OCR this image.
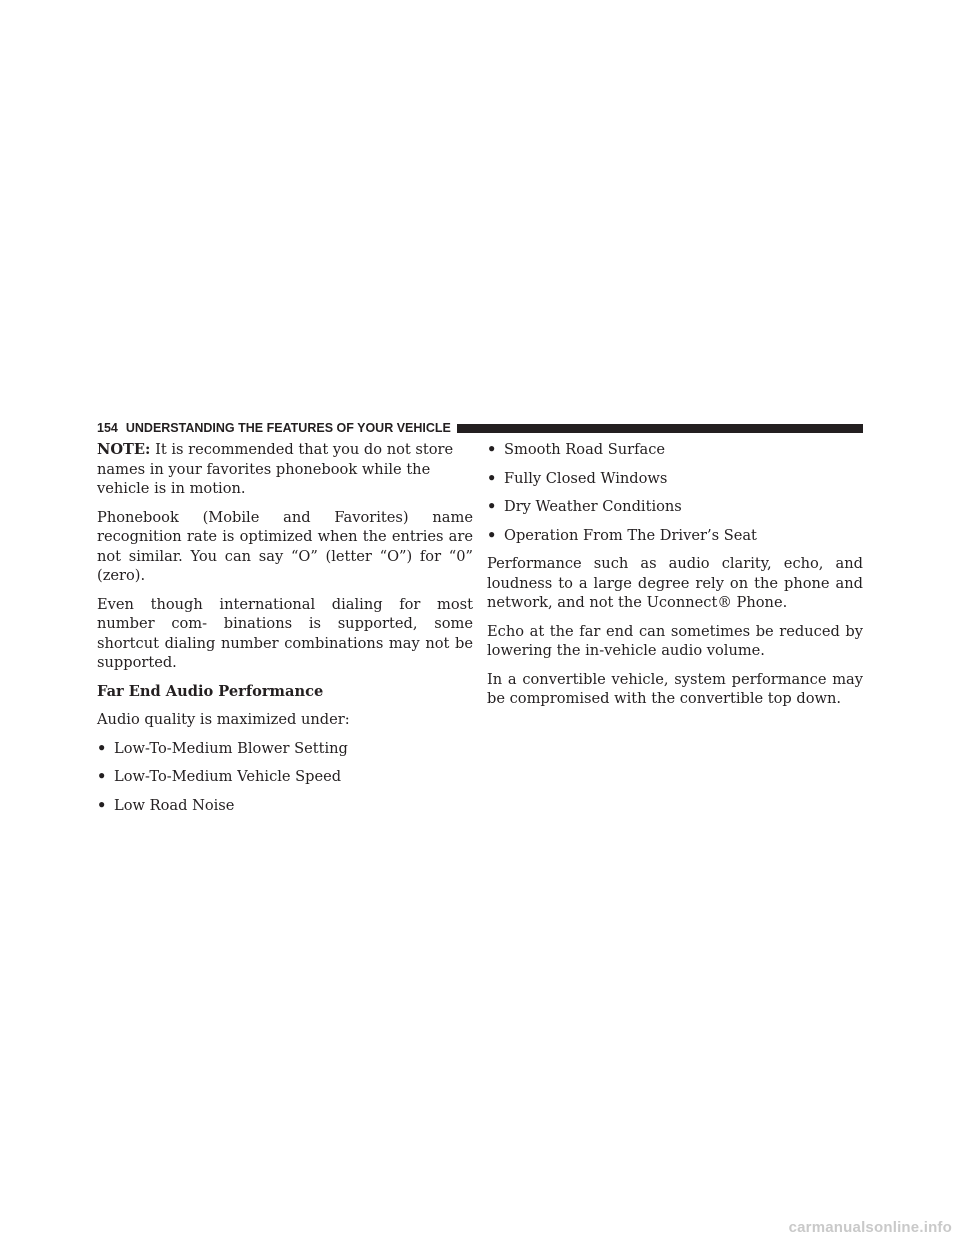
154 UNDERSTANDING THE FEATURES OF YOUR VEHICLE

NOTE: It is recommended that you do not store names in your favorites phonebook while the vehicle is in motion.

Phonebook (Mobile and Favorites) name recognition rate is optimized when the entries are not similar. You can say “O” (letter “O”) for “0” (zero).

Even though international dialing for most number com- binations is supported, some shortcut dialing number combinations may not be supported.

Far End Audio Performance

Audio quality is maximized under:

• Low-To-Medium Blower Setting
• Low-To-Medium Vehicle Speed
• Low Road Noise
• Smooth Road Surface
• Fully Closed Windows
• Dry Weather Conditions
• Operation From The Driver’s Seat

Performance such as audio clarity, echo, and loudness to a large degree rely on the phone and network, and not the Uconnect® Phone.

Echo at the far end can sometimes be reduced by lowering the in-vehicle audio volume.

In a convertible vehicle, system performance may be compromised with the convertible top down.

carmanualsonline.info
